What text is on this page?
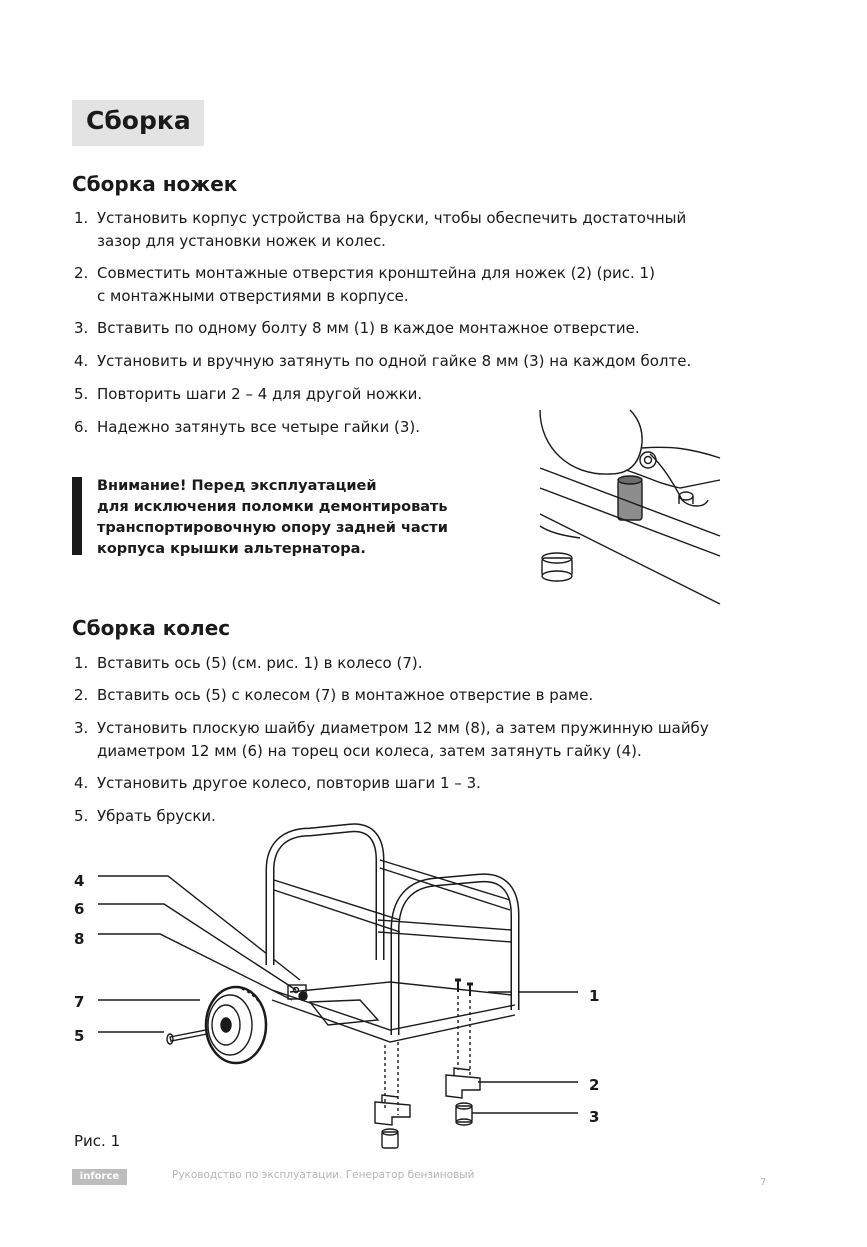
Сборка
Сборка ножек
1. Установить корпус устройства на бруски, чтобы обеспечить достаточный
зазор для установки ножек и колес.
2. Совместить монтажные отверстия кронштейна для ножек (2) (рис. 1)
с монтажными отверстиями в корпусе.
3. Вставить по одному болту 8 мм (1) в каждое монтажное отверстие.
4. Установить и вручную затянуть по одной гайке 8 мм (3) на каждом болте.
5. Повторить шаги 2 – 4 для другой ножки.
6. Надежно затянуть все четыре гайки (3).
Внимание! Перед эксплуатацией
для исключения поломки демонтировать
транспортировочную опору задней части
корпуса крышки альтернатора.
Сборка колес
1. Вставить ось (5) (см. рис. 1) в колесо (7).
2. Вставить ось (5) с колесом (7) в монтажное отверстие в раме.
3. Установить плоскую шайбу диаметром 12 мм (8), а затем пружинную шайбу
диаметром 12 мм (6) на торец оси колеса, затем затянуть гайку (4).
4. Установить другое колесо, повторив шаги 1 – 3.
5. Убрать бруски.
4
6
8
7
5
1
2
3
Рис. 1
inforce	Руководство по эксплуатации. Генератор бензиновый
7
